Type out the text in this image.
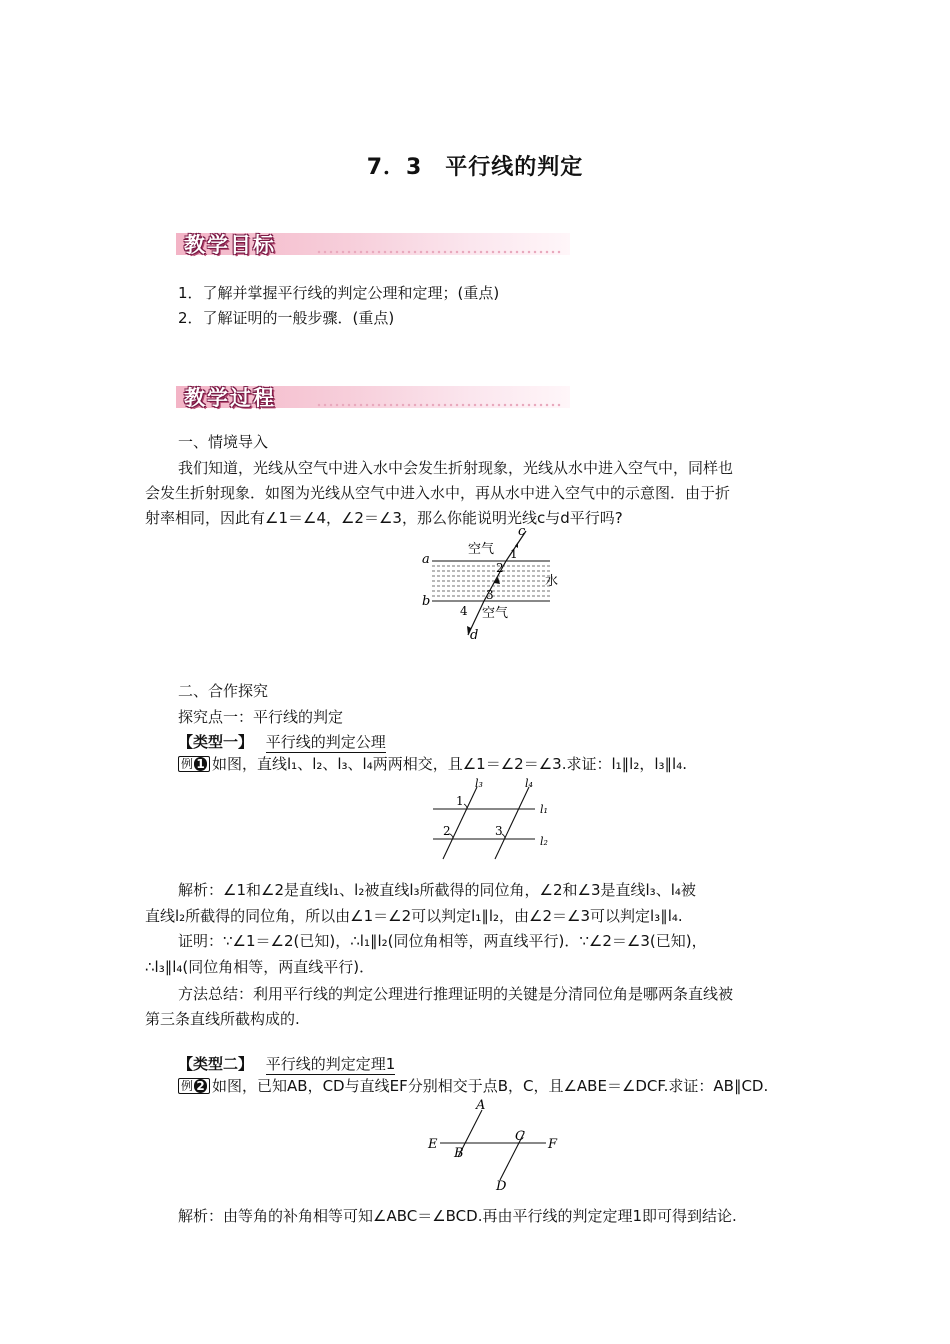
7．3　平行线的判定
教学目标
1．了解并掌握平行线的判定公理和定理；(重点)
2．了解证明的一般步骤．(重点)
教学过程
一、情境导入
我们知道，光线从空气中进入水中会发生折射现象，光线从水中进入空气中，同样也
会发生折射现象．如图为光线从空气中进入水中，再从水中进入空气中的示意图．由于折
射率相同，因此有∠1＝∠4，∠2＝∠3，那么你能说明光线c与d平行吗?
空气
水
空气
a
b
c
d
1
2
3
4
二、合作探究
探究点一：平行线的判定
【类型一】 平行线的判定公理
例 1 如图，直线l₁、l₂、l₃、l₄两两相交，且∠1＝∠2＝∠3.求证：l₁∥l₂，l₃∥l₄.
l₃	l₄
l₁
l₂
1
2	3
解析：∠1和∠2是直线l₁、l₂被直线l₃所截得的同位角，∠2和∠3是直线l₃、l₄被
直线l₂所截得的同位角，所以由∠1＝∠2可以判定l₁∥l₂，由∠2＝∠3可以判定l₃∥l₄.
证明：∵∠1＝∠2(已知)，∴l₁∥l₂(同位角相等，两直线平行)．∵∠2＝∠3(已知)，
∴l₃∥l₄(同位角相等，两直线平行)．
方法总结：利用平行线的判定公理进行推理证明的关键是分清同位角是哪两条直线被
第三条直线所截构成的.
【类型二】 平行线的判定定理1
例 2 如图，已知AB，CD与直线EF分别相交于点B，C，且∠ABE＝∠DCF.求证：AB∥CD.
A
B
C
D
E	F
解析：由等角的补角相等可知∠ABC＝∠BCD.再由平行线的判定定理1即可得到结论.
